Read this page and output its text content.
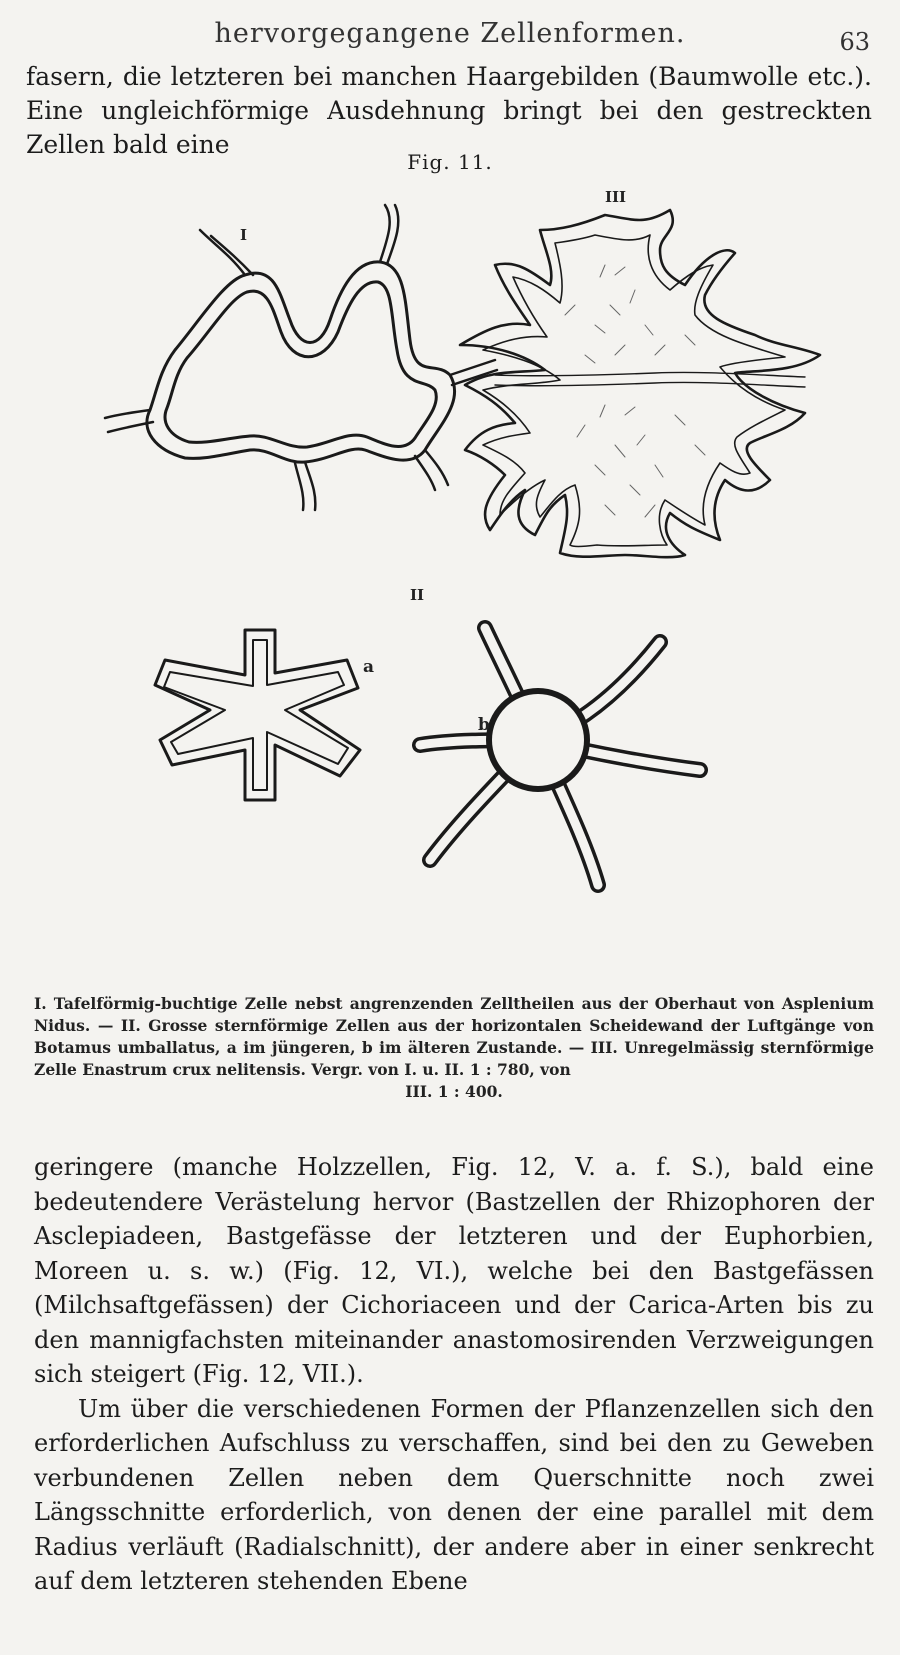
hervorgegangene Zellenformen.	63

fasern, die letzteren bei manchen Haargebilden (Baumwolle etc.). Eine ungleichförmige Ausdehnung bringt bei den gestreckten Zellen bald eine

Fig. 11.
I
II
III
a
b
I. Tafelförmig-buchtige Zelle nebst angrenzenden Zelltheilen aus der Oberhaut von Asplenium Nidus. — II. Grosse sternförmige Zellen aus der horizontalen Scheidewand der Luftgänge von Botamus umballatus, a im jüngeren, b im älteren Zustande. — III. Unregelmässig sternförmige Zelle Enastrum crux nelitensis. Vergr. von I. u. II. 1 : 780, von
III. 1 : 400.

geringere (manche Holzzellen, Fig. 12, V. a. f. S.), bald eine bedeutendere Verästelung hervor (Bastzellen der Rhizophoren der Asclepiadeen, Bastgefässe der letzteren und der Euphorbien, Moreen u. s. w.) (Fig. 12, VI.), welche bei den Bastgefässen (Milchsaftgefässen) der Cichoriaceen und der Carica-Arten bis zu den mannigfachsten miteinander anastomosirenden Verzweigungen sich steigert (Fig. 12, VII.).

Um über die verschiedenen Formen der Pflanzenzellen sich den erforderlichen Aufschluss zu verschaffen, sind bei den zu Geweben verbundenen Zellen neben dem Querschnitte noch zwei Längsschnitte erforderlich, von denen der eine parallel mit dem Radius verläuft (Radialschnitt), der andere aber in einer senkrecht auf dem letzteren stehenden Ebene
